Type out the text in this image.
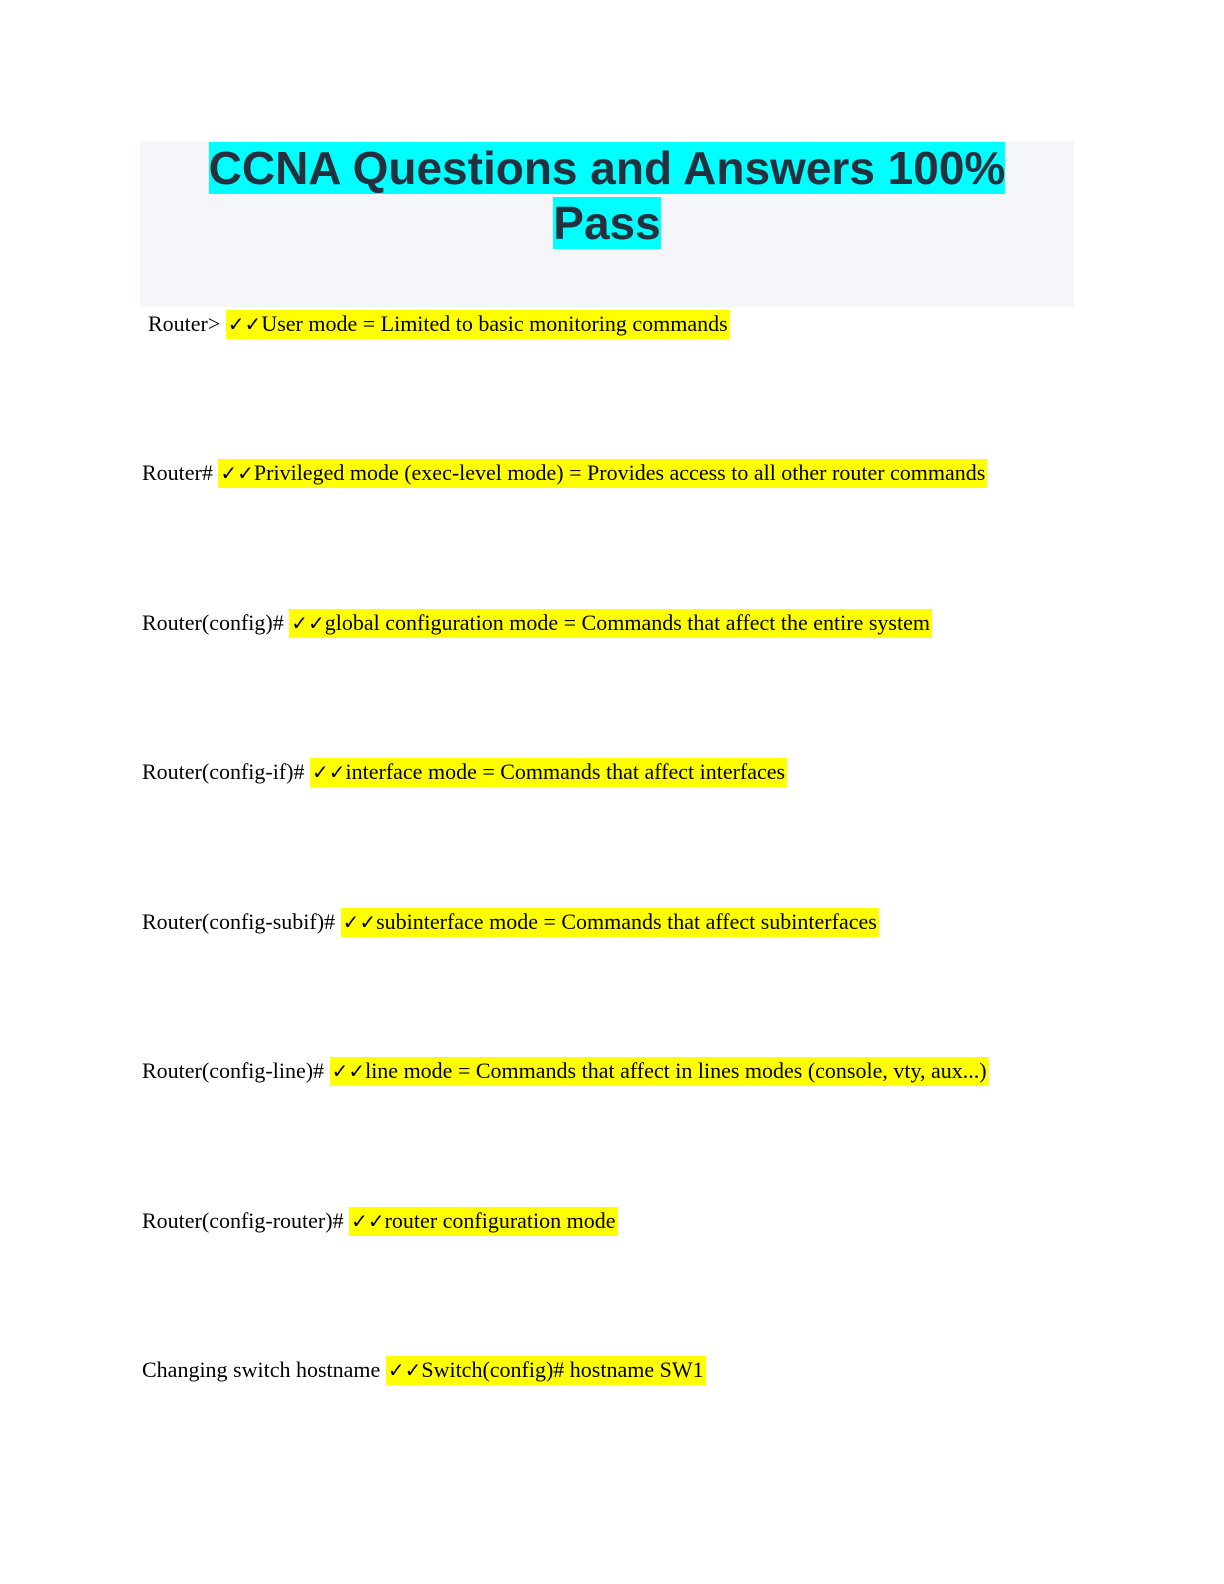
CCNA Questions and Answers 100%
Pass
Router> ✓✓User mode = Limited to basic monitoring commands
Router# ✓✓Privileged mode (exec-level mode) = Provides access to all other router commands
Router(config)# ✓✓global configuration mode = Commands that affect the entire system
Router(config-if)# ✓✓interface mode = Commands that affect interfaces
Router(config-subif)# ✓✓subinterface mode = Commands that affect subinterfaces
Router(config-line)# ✓✓line mode = Commands that affect in lines modes (console, vty, aux...)
Router(config-router)# ✓✓router configuration mode
Changing switch hostname ✓✓Switch(config)# hostname SW1
